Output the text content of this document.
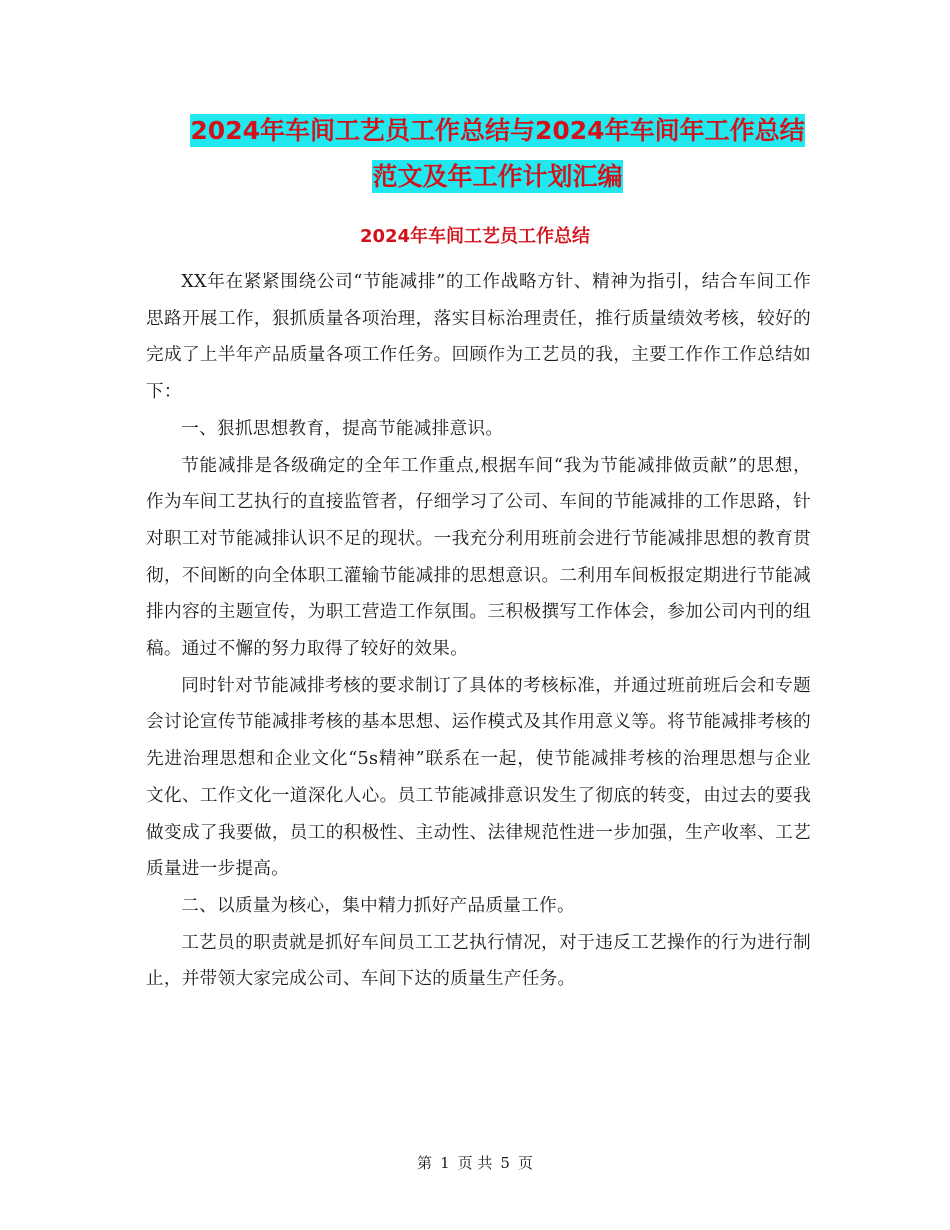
2024年车间工艺员工作总结与2024年车间年工作总结
范文及年工作计划汇编
2024年车间工艺员工作总结

XX年在紧紧围绕公司“节能减排”的工作战略方针、精神为指引，结合车间工作思路开展工作，狠抓质量各项治理，落实目标治理责任，推行质量绩效考核，较好的完成了上半年产品质量各项工作任务。回顾作为工艺员的我，主要工作作工作总结如下：

一、狠抓思想教育，提高节能减排意识。

节能减排是各级确定的全年工作重点,根据车间“我为节能减排做贡献”的思想，作为车间工艺执行的直接监管者，仔细学习了公司、车间的节能减排的工作思路，针对职工对节能减排认识不足的现状。一我充分利用班前会进行节能减排思想的教育贯彻，不间断的向全体职工灌输节能减排的思想意识。二利用车间板报定期进行节能减排内容的主题宣传，为职工营造工作氛围。三积极撰写工作体会，参加公司内刊的组稿。通过不懈的努力取得了较好的效果。

同时针对节能减排考核的要求制订了具体的考核标准，并通过班前班后会和专题会讨论宣传节能减排考核的基本思想、运作模式及其作用意义等。将节能减排考核的先进治理思想和企业文化“5s精神”联系在一起，使节能减排考核的治理思想与企业文化、工作文化一道深化人心。员工节能减排意识发生了彻底的转变，由过去的要我做变成了我要做，员工的积极性、主动性、法律规范性进一步加强，生产收率、工艺质量进一步提高。

二、以质量为核心，集中精力抓好产品质量工作。

工艺员的职责就是抓好车间员工工艺执行情况，对于违反工艺操作的行为进行制止，并带领大家完成公司、车间下达的质量生产任务。

第 1 页 共 5 页
